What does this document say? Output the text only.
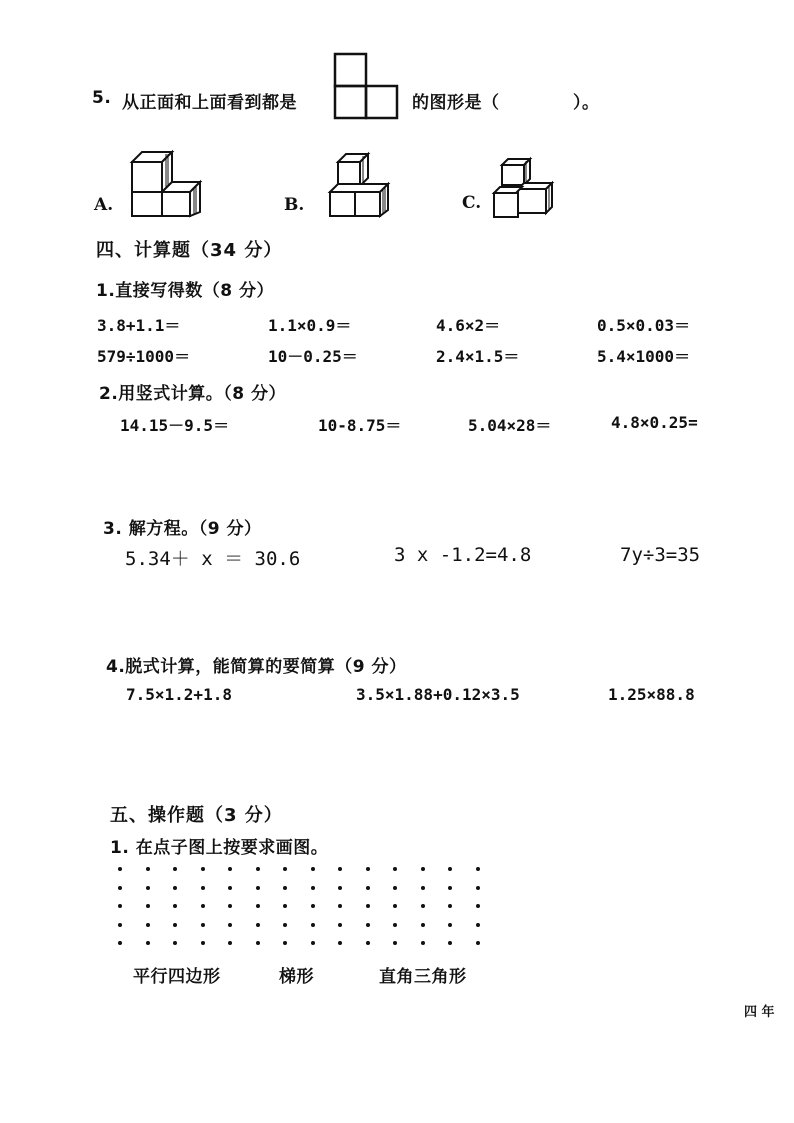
5. 从正面和上面看到都是	的图形是（	）。
A.	B.	C.
四、计算题（34 分）
1.直接写得数（8 分）
3.8+1.1＝	1.1×0.9＝	4.6×2＝	0.5×0.03＝
579÷1000＝	10－0.25＝	2.4×1.5＝	5.4×1000＝
2.用竖式计算。（8 分）
14.15－9.5＝	10-8.75＝	5.04×28＝	4.8×0.25=
3. 解方程。（9 分）
5.34＋ x ＝ 30.6	3 x -1.2=4.8	7y÷3=35
4.脱式计算，能简算的要简算（9 分）
7.5×1.2+1.8	3.5×1.88+0.12×3.5	1.25×88.8
五、操作题（3 分）
1. 在点子图上按要求画图。
平行四边形	梯形	直角三角形
四 年
